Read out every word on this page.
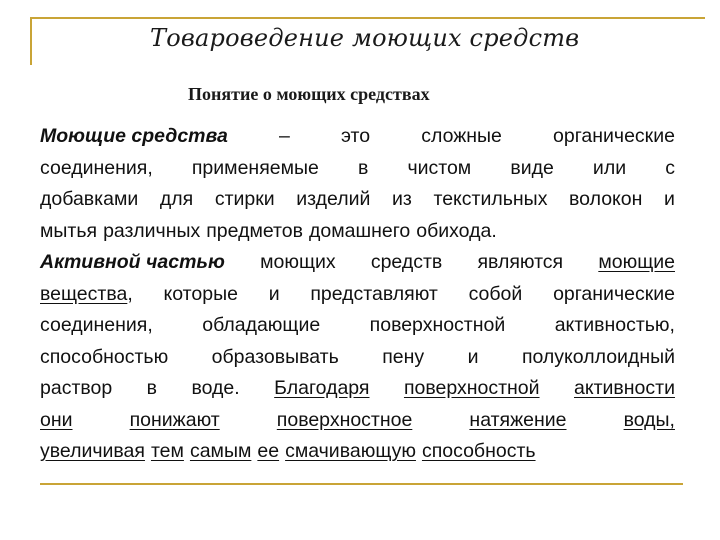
Товароведение моющих средств
Понятие о моющих средствах
Моющие средства	–	это	сложные	органические
соединения, применяемые в чистом виде или с
добавками для стирки изделий из текстильных волокон и
мытья различных предметов домашнего обихода.
Активной частью моющих средств являются моющие
вещества, которые и представляют собой органические
соединения,	обладающие	поверхностной	активностью,
способностью образовывать пену и полуколлоидный
раствор в воде. Благодаря поверхностной активности
они	понижают	поверхностное	натяжение	воды,
увеличивая тем самым ее смачивающую способность
